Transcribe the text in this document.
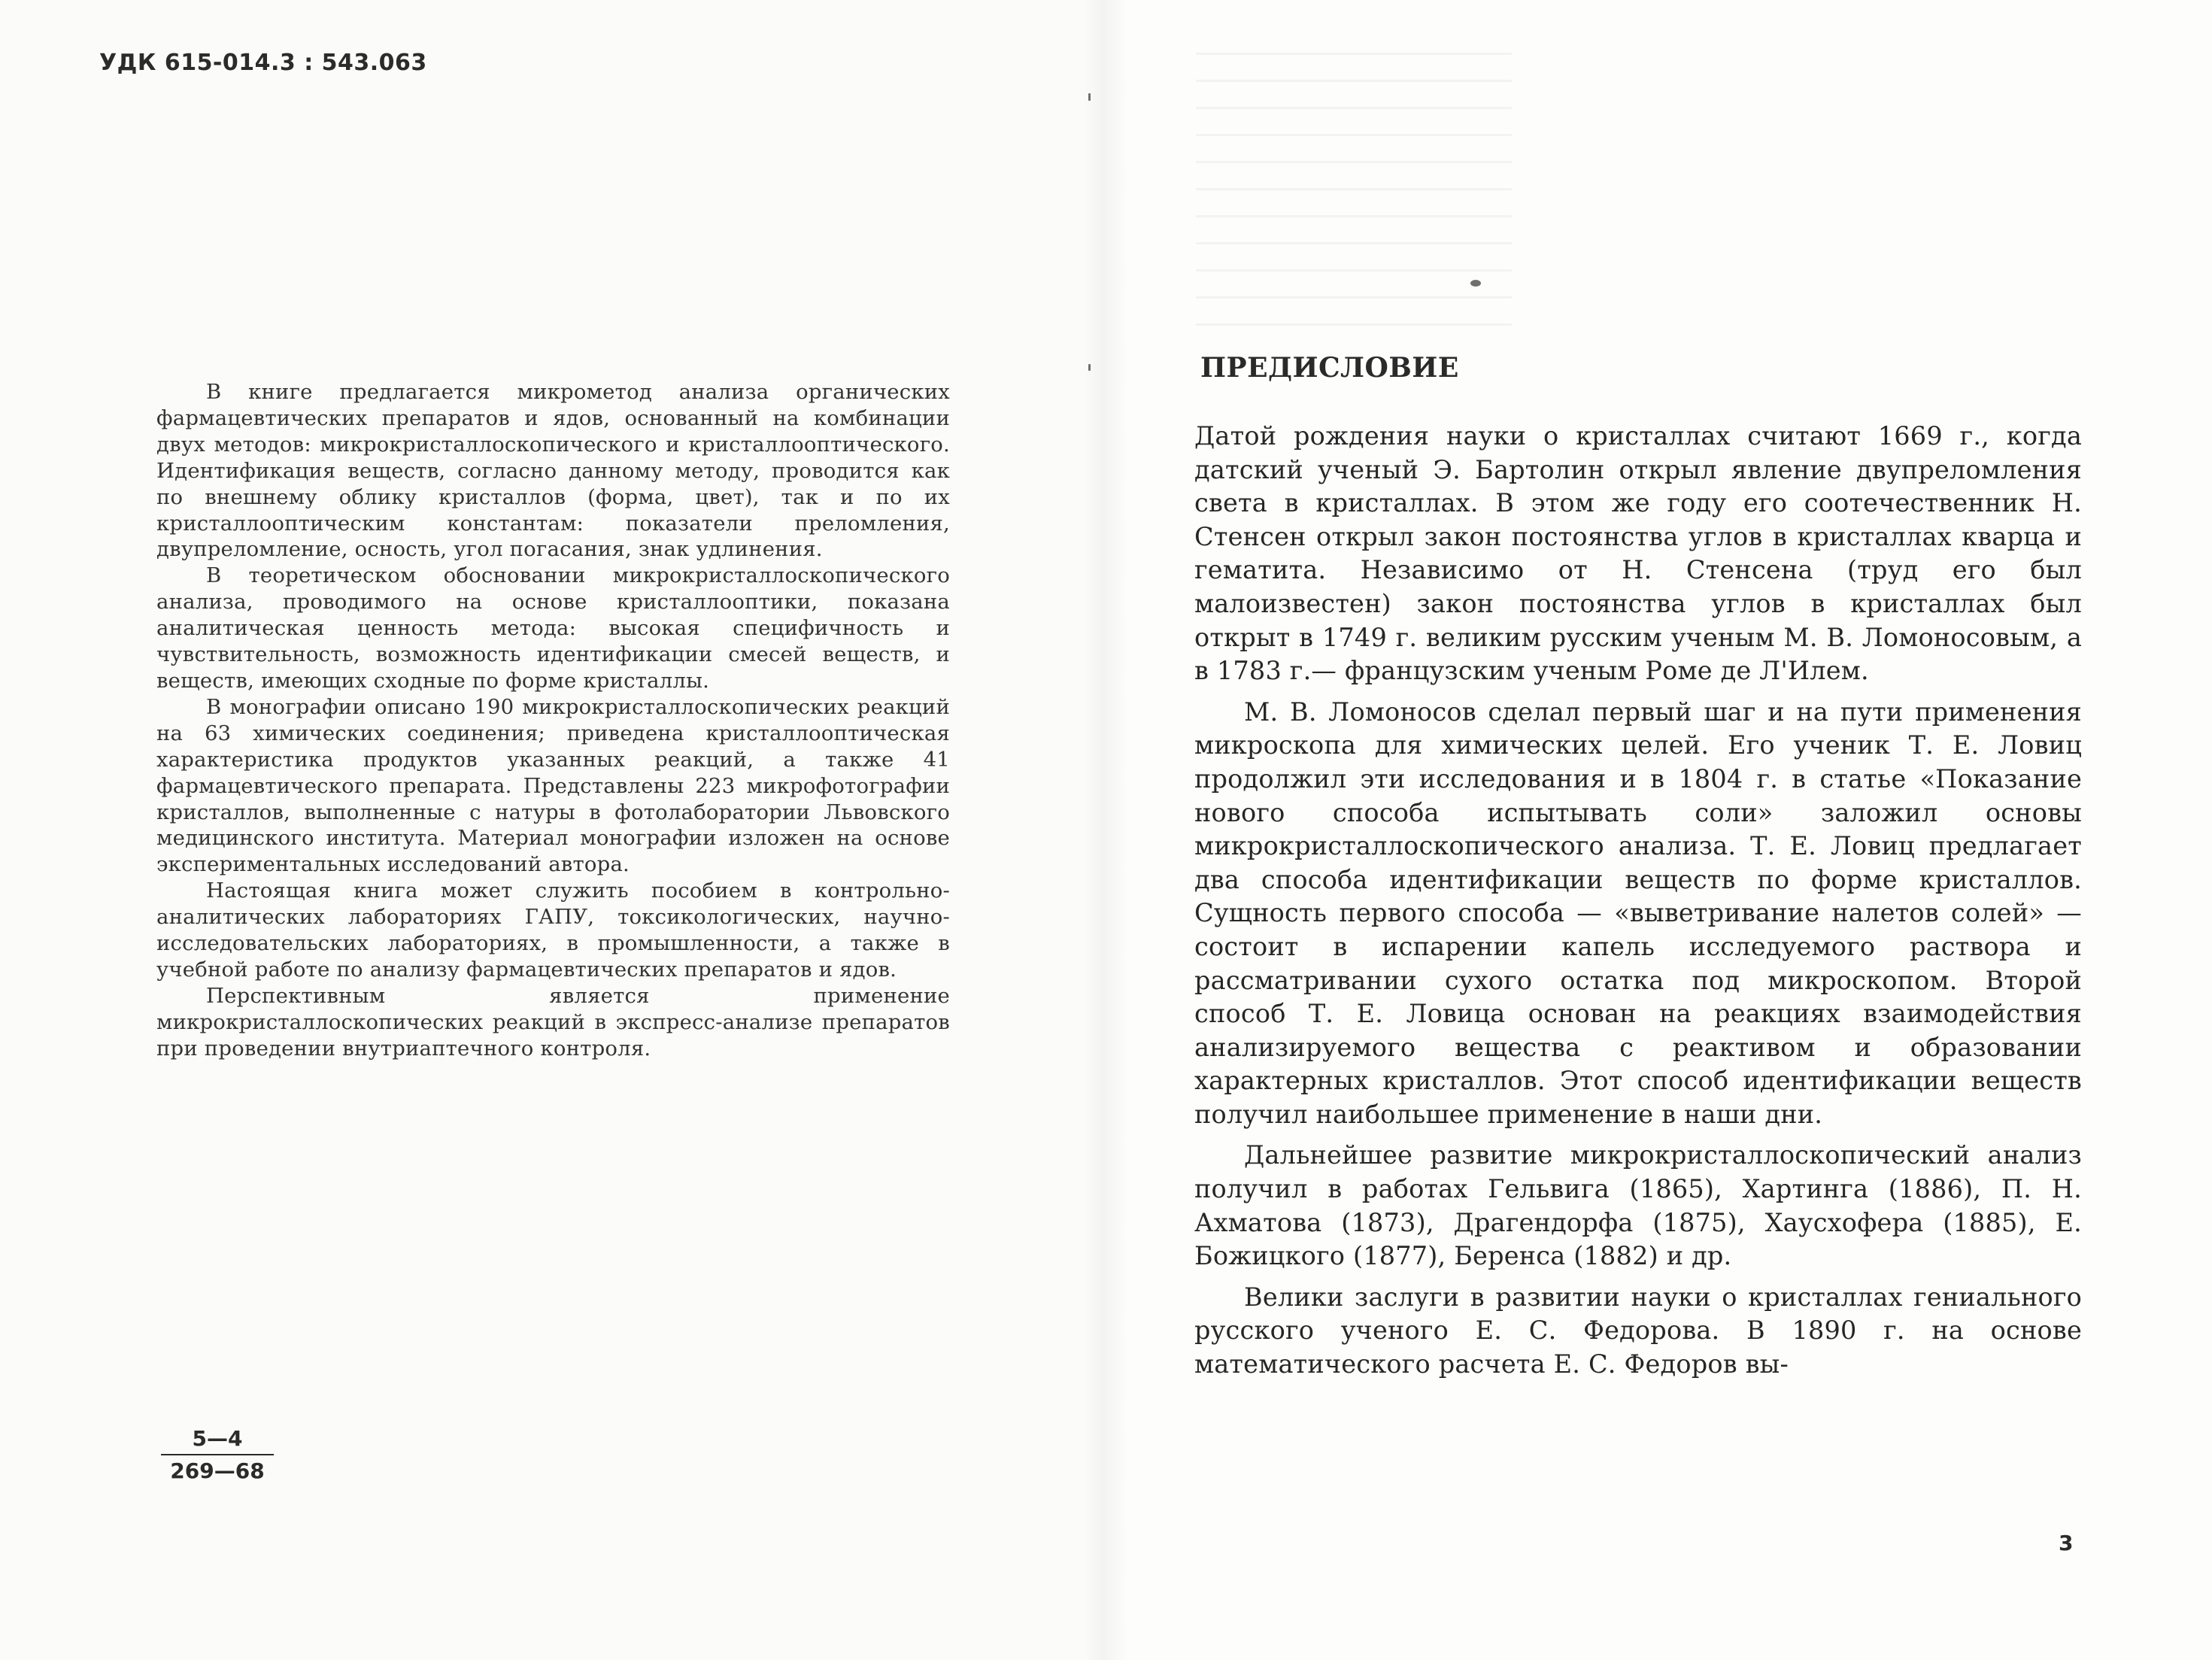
УДК 615-014.3 : 543.063

В книге предлагается микрометод анализа органических фармацевтических препаратов и ядов, основанный на комбинации двух методов: микрокристаллоскопического и кристаллооптического. Идентификация веществ, согласно данному методу, проводится как по внешнему облику кристаллов (форма, цвет), так и по их кристаллооптическим константам: показатели преломления, двупреломление, осность, угол погасания, знак удлинения.

В теоретическом обосновании микрокристаллоскопического анализа, проводимого на основе кристаллооптики, показана аналитическая ценность метода: высокая специфичность и чувствительность, возможность идентификации смесей веществ, и веществ, имеющих сходные по форме кристаллы.

В монографии описано 190 микрокристаллоскопических реакций на 63 химических соединения; приведена кристаллооптическая характеристика продуктов указанных реакций, а также 41 фармацевтического препарата. Представлены 223 микрофотографии кристаллов, выполненные с натуры в фотолаборатории Львовского медицинского института. Материал монографии изложен на основе экспериментальных исследований автора.

Настоящая книга может служить пособием в контрольно-аналитических лабораториях ГАПУ, токсикологических, научно-исследовательских лабораториях, в промышленности, а также в учебной работе по анализу фармацевтических препаратов и ядов.

Перспективным является применение микрокристаллоскопических реакций в экспресс-анализе препаратов при проведении внутриаптечного контроля.

$\frac{5—4}{269—68}$
ПРЕДИСЛОВИЕ

Датой рождения науки о кристаллах считают 1669 г., когда датский ученый Э. Бартолин открыл явление двупреломления света в кристаллах. В этом же году его соотечественник Н. Стенсен открыл закон постоянства углов в кристаллах кварца и гематита. Независимо от Н. Стенсена (труд его был малоизвестен) закон постоянства углов в кристаллах был открыт в 1749 г. великим русским ученым М. В. Ломоносовым, а в 1783 г.— французским ученым Роме де Л'Илем.

М. В. Ломоносов сделал первый шаг и на пути применения микроскопа для химических целей. Его ученик Т. Е. Ловиц продолжил эти исследования и в 1804 г. в статье «Показание нового способа испытывать соли» заложил основы микрокристаллоскопического анализа. Т. Е. Ловиц предлагает два способа идентификации веществ по форме кристаллов. Сущность первого способа — «выветривание налетов солей» — состоит в испарении капель исследуемого раствора и рассматривании сухого остатка под микроскопом. Второй способ Т. Е. Ловица основан на реакциях взаимодействия анализируемого вещества с реактивом и образовании характерных кристаллов. Этот способ идентификации веществ получил наибольшее применение в наши дни.

Дальнейшее развитие микрокристаллоскопический анализ получил в работах Гельвига (1865), Хартинга (1886), П. Н. Ахматова (1873), Драгендорфа (1875), Хаусхофера (1885), Е. Божицкого (1877), Беренса (1882) и др.

Велики заслуги в развитии науки о кристаллах гениального русского ученого Е. С. Федорова. В 1890 г. на основе математического расчета Е. С. Федоров вы-

3
